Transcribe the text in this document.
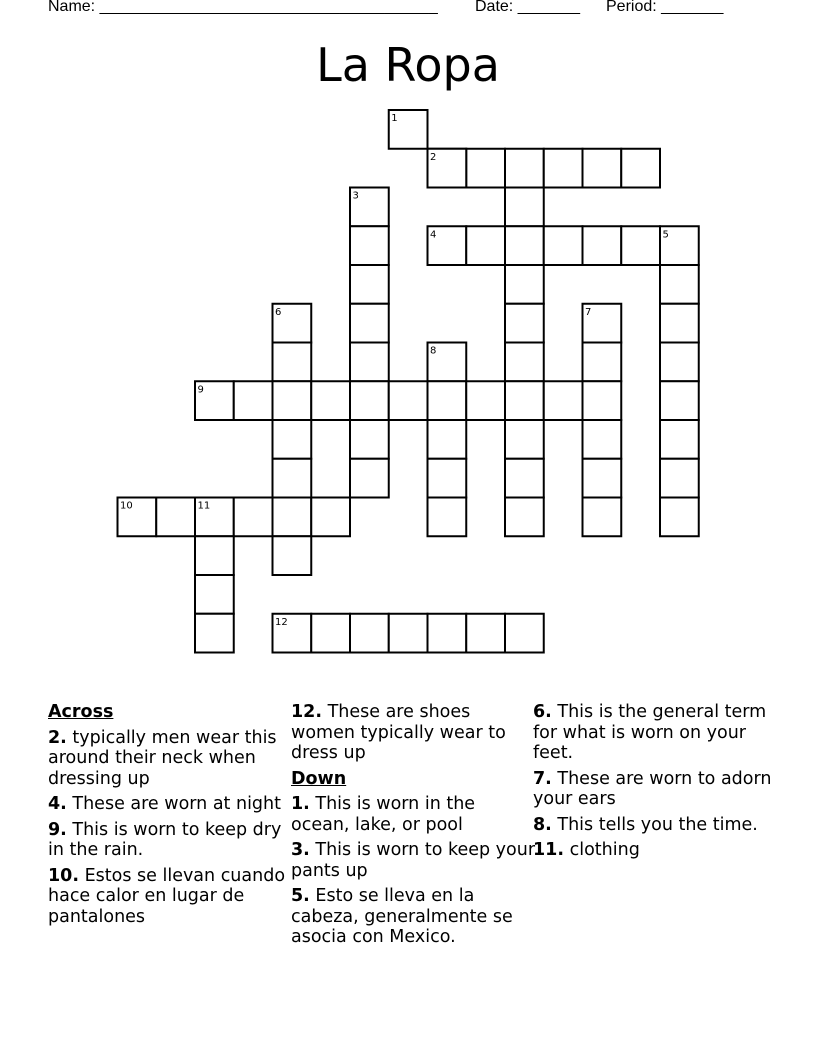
Name: ______________________________________ Date: _______ Period: _______
La Ropa
1
2
3
4	5
6	7
8
9
10	11
12
Across
2. typically men wear this around their neck when dressing up
4. These are worn at night
9. This is worn to keep dry in the rain.
10. Estos se llevan cuando hace calor en lugar de pantalones
12. These are shoes women typically wear to dress up
Down
1. This is worn in the ocean, lake, or pool
3. This is worn to keep your pants up
5. Esto se lleva en la cabeza, generalmente se asocia con Mexico.
6. This is the general term for what is worn on your feet.
7. These are worn to adorn your ears
8. This tells you the time.
11. clothing
